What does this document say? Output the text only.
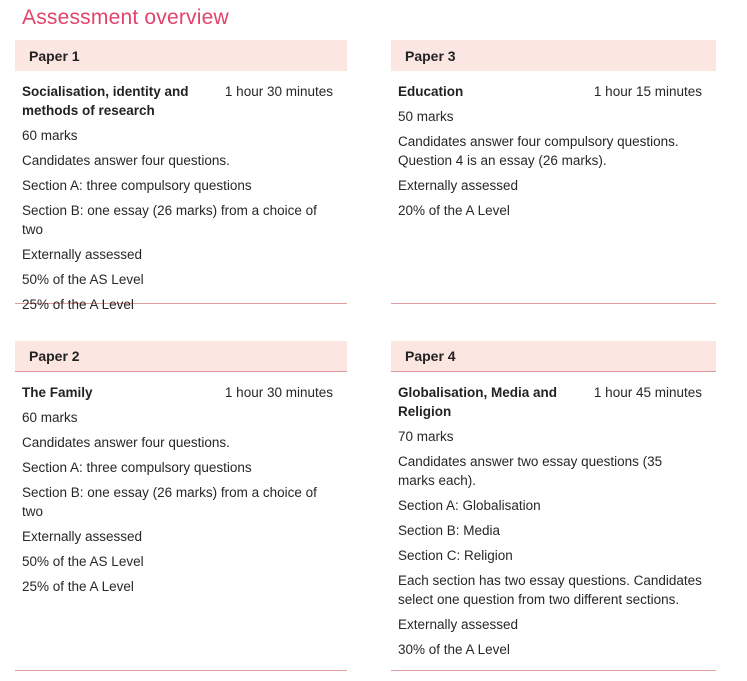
Assessment overview
Paper 1
Socialisation, identity and methods of research
1 hour 30 minutes

60 marks

Candidates answer four questions.

Section A: three compulsory questions

Section B: one essay (26 marks) from a choice of two

Externally assessed

50% of the AS Level

25% of the A Level

Paper 3
Education	1 hour 15 minutes

50 marks

Candidates answer four compulsory questions. Question 4 is an essay (26 marks).

Externally assessed

20% of the A Level

Paper 2
The Family	1 hour 30 minutes

60 marks

Candidates answer four questions.

Section A: three compulsory questions

Section B: one essay (26 marks) from a choice of two

Externally assessed

50% of the AS Level

25% of the A Level

Paper 4
Globalisation, Media and Religion
1 hour 45 minutes

70 marks

Candidates answer two essay questions (35 marks each).

Section A: Globalisation

Section B: Media

Section C: Religion

Each section has two essay questions. Candidates select one question from two different sections.

Externally assessed

30% of the A Level
